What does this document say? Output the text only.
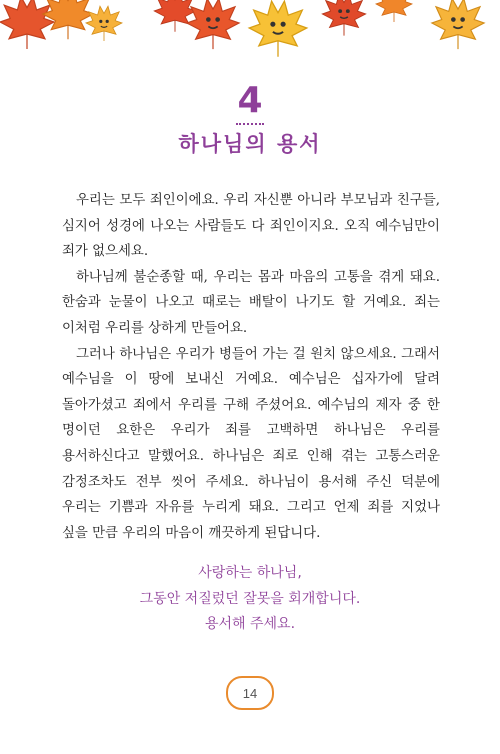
4
하나님의 용서

우리는 모두 죄인이에요. 우리 자신뿐 아니라 부모님과 친구들, 심지어 성경에 나오는 사람들도 다 죄인이지요. 오직 예수님만이 죄가 없으세요.

하나님께 불순종할 때, 우리는 몸과 마음의 고통을 겪게 돼요. 한숨과 눈물이 나오고 때로는 배탈이 나기도 할 거예요. 죄는 이처럼 우리를 상하게 만들어요.

그러나 하나님은 우리가 병들어 가는 걸 원치 않으세요. 그래서 예수님을 이 땅에 보내신 거예요. 예수님은 십자가에 달려 돌아가셨고 죄에서 우리를 구해 주셨어요. 예수님의 제자 중 한 명이던 요한은 우리가 죄를 고백하면 하나님은 우리를 용서하신다고 말했어요. 하나님은 죄로 인해 겪는 고통스러운 감정조차도 전부 씻어 주세요. 하나님이 용서해 주신 덕분에 우리는 기쁨과 자유를 누리게 돼요. 그리고 언제 죄를 지었나 싶을 만큼 우리의 마음이 깨끗하게 된답니다.

사랑하는 하나님,
그동안 저질렀던 잘못을 회개합니다.
용서해 주세요.
14
